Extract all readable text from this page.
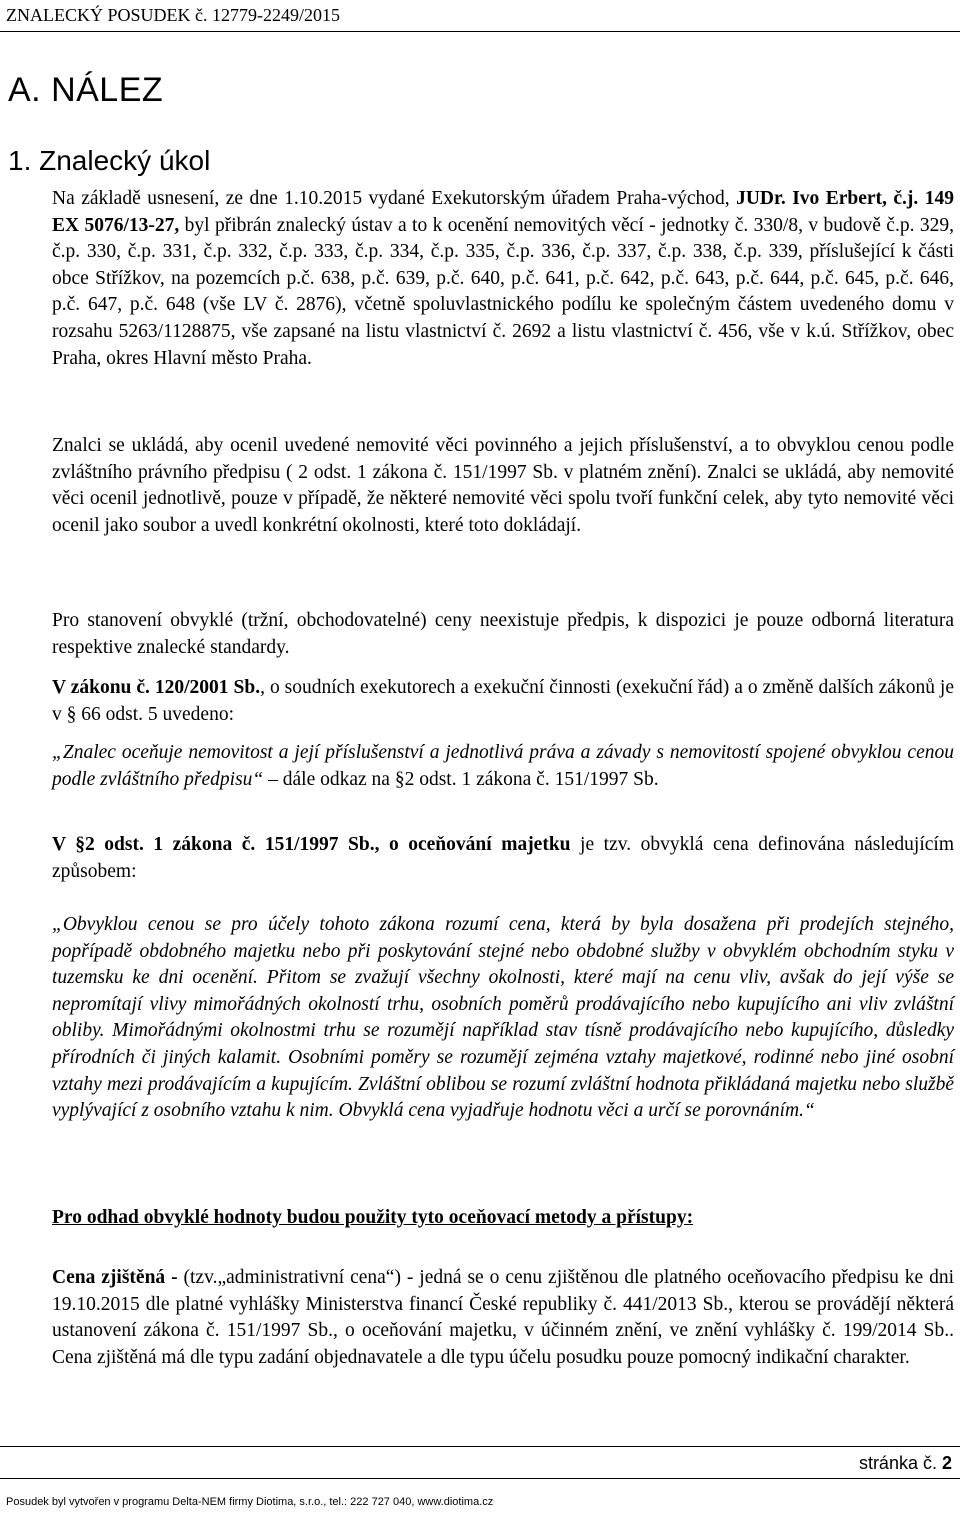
ZNALECKÝ POSUDEK č. 12779-2249/2015
A. NÁLEZ
1. Znalecký úkol

Na základě usnesení, ze dne 1.10.2015 vydané Exekutorským úřadem Praha-východ, JUDr. Ivo Erbert, č.j. 149 EX 5076/13-27, byl přibrán znalecký ústav a to k ocenění nemovitých věcí - jednotky č. 330/8, v budově č.p. 329, č.p. 330, č.p. 331, č.p. 332, č.p. 333, č.p. 334, č.p. 335, č.p. 336, č.p. 337, č.p. 338, č.p. 339, příslušející k části obce Střížkov, na pozemcích p.č. 638, p.č. 639, p.č. 640, p.č. 641, p.č. 642, p.č. 643, p.č. 644, p.č. 645, p.č. 646, p.č. 647, p.č. 648 (vše LV č. 2876), včetně spoluvlastnického podílu ke společným částem uvedeného domu v rozsahu 5263/1128875, vše zapsané na listu vlastnictví č. 2692 a listu vlastnictví č. 456, vše v k.ú. Střížkov, obec Praha, okres Hlavní město Praha.

Znalci se ukládá, aby ocenil uvedené nemovité věci povinného a jejich příslušenství, a to obvyklou cenou podle zvláštního právního předpisu ( 2 odst. 1 zákona č. 151/1997 Sb. v platném znění). Znalci se ukládá, aby nemovité věci ocenil jednotlivě, pouze v případě, že některé nemovité věci spolu tvoří funkční celek, aby tyto nemovité věci ocenil jako soubor a uvedl konkrétní okolnosti, které toto dokládají.

Pro stanovení obvyklé (tržní, obchodovatelné) ceny neexistuje předpis, k dispozici je pouze odborná literatura respektive znalecké standardy.

V zákonu č. 120/2001 Sb., o soudních exekutorech a exekuční činnosti (exekuční řád) a o změně dalších zákonů je v § 66 odst. 5 uvedeno:

„Znalec oceňuje nemovitost a její příslušenství a jednotlivá práva a závady s nemovitostí spojené obvyklou cenou podle zvláštního předpisu“ – dále odkaz na §2 odst. 1 zákona č. 151/1997 Sb.

V §2 odst. 1 zákona č. 151/1997 Sb., o oceňování majetku je tzv. obvyklá cena definována následujícím způsobem:

„Obvyklou cenou se pro účely tohoto zákona rozumí cena, která by byla dosažena při prodejích stejného, popřípadě obdobného majetku nebo při poskytování stejné nebo obdobné služby v obvyklém obchodním styku v tuzemsku ke dni ocenění. Přitom se zvažují všechny okolnosti, které mají na cenu vliv, avšak do její výše se nepromítají vlivy mimořádných okolností trhu, osobních poměrů prodávajícího nebo kupujícího ani vliv zvláštní obliby. Mimořádnými okolnostmi trhu se rozumějí například stav tísně prodávajícího nebo kupujícího, důsledky přírodních či jiných kalamit. Osobními poměry se rozumějí zejména vztahy majetkové, rodinné nebo jiné osobní vztahy mezi prodávajícím a kupujícím. Zvláštní oblibou se rozumí zvláštní hodnota přikládaná majetku nebo službě vyplývající z osobního vztahu k nim. Obvyklá cena vyjadřuje hodnotu věci a určí se porovnáním.“

Pro odhad obvyklé hodnoty budou použity tyto oceňovací metody a přístupy:

Cena zjištěná - (tzv.„administrativní cena“) - jedná se o cenu zjištěnou dle platného oceňovacího předpisu ke dni 19.10.2015 dle platné vyhlášky Ministerstva financí České republiky č. 441/2013 Sb., kterou se provádějí některá ustanovení zákona č. 151/1997 Sb., o oceňování majetku, v účinném znění, ve znění vyhlášky č. 199/2014 Sb.. Cena zjištěná má dle typu zadání objednavatele a dle typu účelu posudku pouze pomocný indikační charakter.

stránka č. 2
Posudek byl vytvořen v programu Delta-NEM firmy Diotima, s.r.o., tel.: 222 727 040, www.diotima.cz
